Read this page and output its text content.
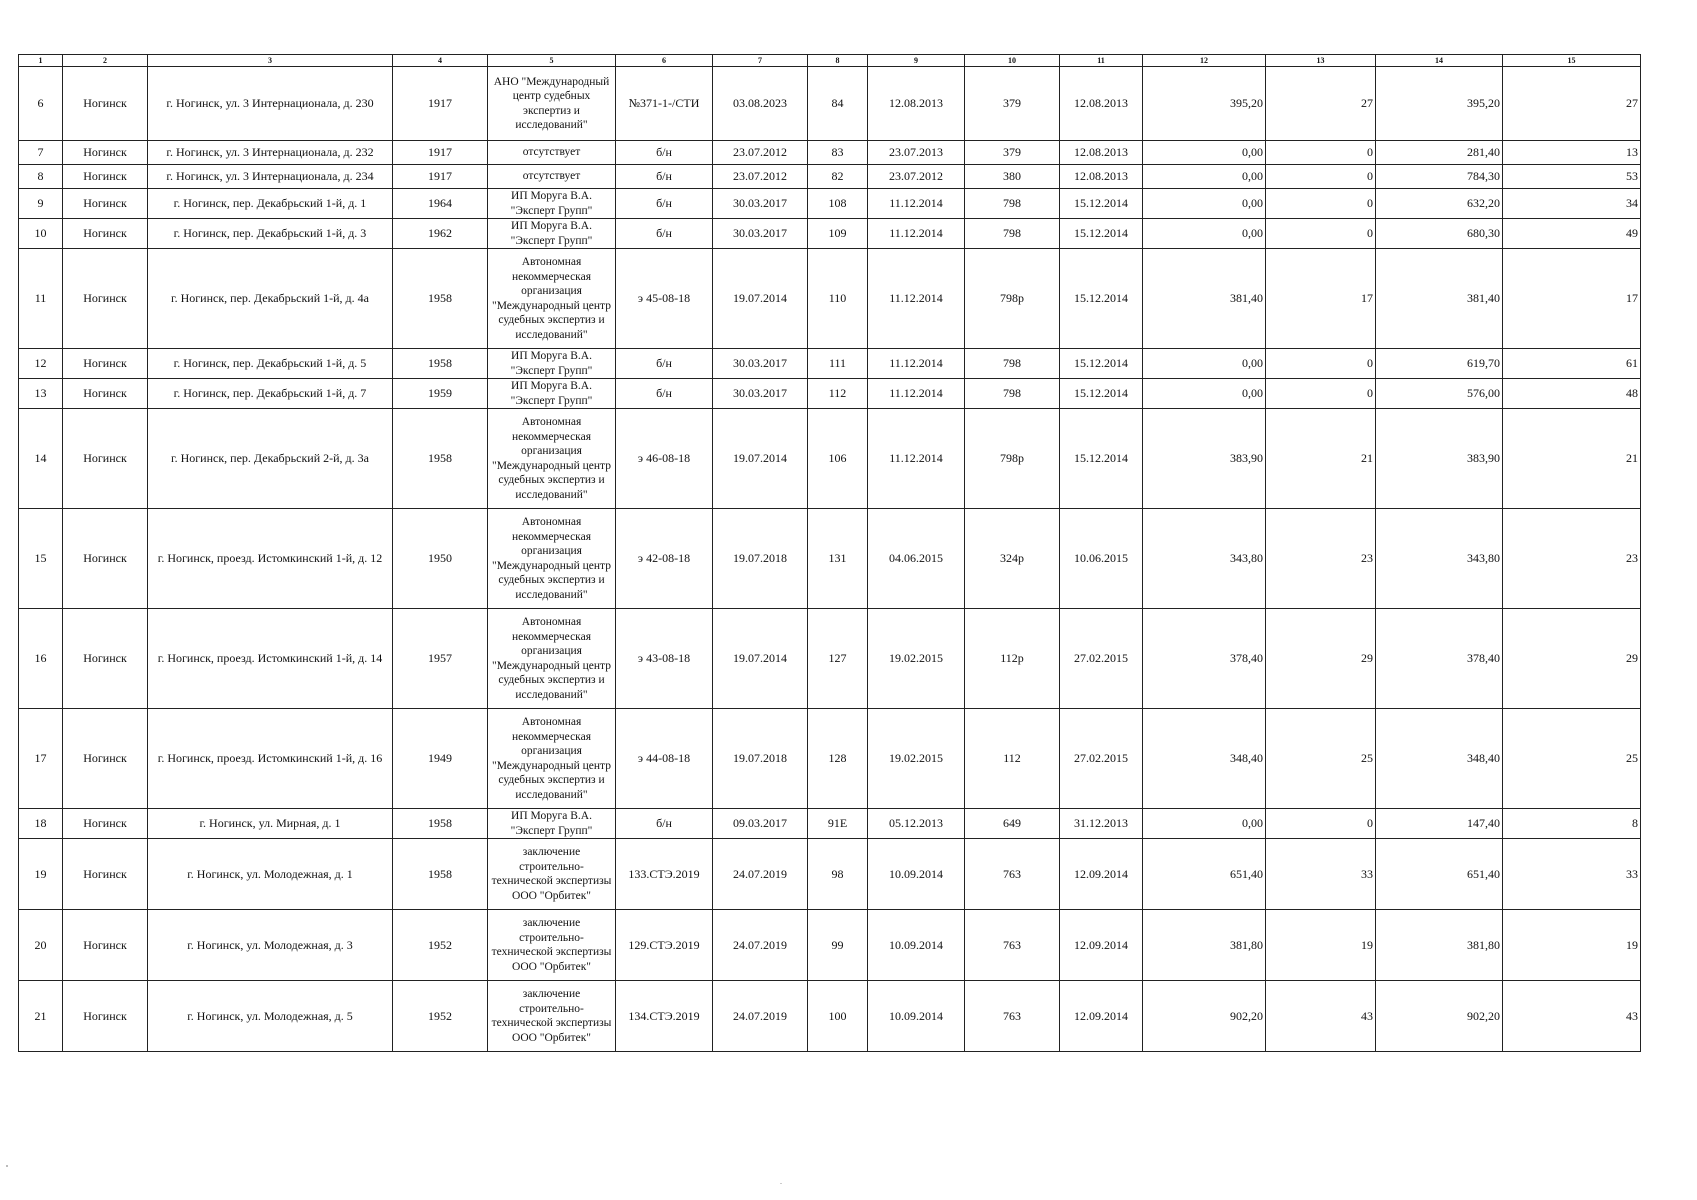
1	2	3	4	5	6	7	8	9	10	11	12	13	14	15
6	Ногинск	г. Ногинск, ул. 3 Интернационала, д. 230	1917	АНО "Международный центр судебных экспертиз и исследований"	№371-1-/СТИ	03.08.2023	84	12.08.2013	379	12.08.2013	395,20	27	395,20	27
7	Ногинск	г. Ногинск, ул. 3 Интернационала, д. 232	1917	отсутствует	б/н	23.07.2012	83	23.07.2013	379	12.08.2013	0,00	0	281,40	13
8	Ногинск	г. Ногинск, ул. 3 Интернационала, д. 234	1917	отсутствует	б/н	23.07.2012	82	23.07.2012	380	12.08.2013	0,00	0	784,30	53
9	Ногинск	г. Ногинск, пер. Декабрьский 1-й, д. 1	1964	ИП Моруга В.А. "Эксперт Групп"	б/н	30.03.2017	108	11.12.2014	798	15.12.2014	0,00	0	632,20	34
10	Ногинск	г. Ногинск, пер. Декабрьский 1-й, д. 3	1962	ИП Моруга В.А. "Эксперт Групп"	б/н	30.03.2017	109	11.12.2014	798	15.12.2014	0,00	0	680,30	49
11	Ногинск	г. Ногинск, пер. Декабрьский 1-й, д. 4а	1958	Автономная некоммерческая организация "Международный центр судебных экспертиз и исследований"	э 45-08-18	19.07.2014	110	11.12.2014	798р	15.12.2014	381,40	17	381,40	17
12	Ногинск	г. Ногинск, пер. Декабрьский 1-й, д. 5	1958	ИП Моруга В.А. "Эксперт Групп"	б/н	30.03.2017	111	11.12.2014	798	15.12.2014	0,00	0	619,70	61
13	Ногинск	г. Ногинск, пер. Декабрьский 1-й, д. 7	1959	ИП Моруга В.А. "Эксперт Групп"	б/н	30.03.2017	112	11.12.2014	798	15.12.2014	0,00	0	576,00	48
14	Ногинск	г. Ногинск, пер. Декабрьский 2-й, д. 3а	1958	Автономная некоммерческая организация "Международный центр судебных экспертиз и исследований"	э 46-08-18	19.07.2014	106	11.12.2014	798р	15.12.2014	383,90	21	383,90	21
15	Ногинск	г. Ногинск, проезд. Истомкинский 1-й, д. 12	1950	Автономная некоммерческая организация "Международный центр судебных экспертиз и исследований"	э 42-08-18	19.07.2018	131	04.06.2015	324р	10.06.2015	343,80	23	343,80	23
16	Ногинск	г. Ногинск, проезд. Истомкинский 1-й, д. 14	1957	Автономная некоммерческая организация "Международный центр судебных экспертиз и исследований"	э 43-08-18	19.07.2014	127	19.02.2015	112р	27.02.2015	378,40	29	378,40	29
17	Ногинск	г. Ногинск, проезд. Истомкинский 1-й, д. 16	1949	Автономная некоммерческая организация "Международный центр судебных экспертиз и исследований"	э 44-08-18	19.07.2018	128	19.02.2015	112	27.02.2015	348,40	25	348,40	25
18	Ногинск	г. Ногинск, ул. Мирная, д. 1	1958	ИП Моруга В.А. "Эксперт Групп"	б/н	09.03.2017	91Е	05.12.2013	649	31.12.2013	0,00	0	147,40	8
19	Ногинск	г. Ногинск, ул. Молодежная, д. 1	1958	заключение строительно-технической экспертизы ООО "Орбитек"	133.СТЭ.2019	24.07.2019	98	10.09.2014	763	12.09.2014	651,40	33	651,40	33
20	Ногинск	г. Ногинск, ул. Молодежная, д. 3	1952	заключение строительно-технической экспертизы ООО "Орбитек"	129.СТЭ.2019	24.07.2019	99	10.09.2014	763	12.09.2014	381,80	19	381,80	19
21	Ногинск	г. Ногинск, ул. Молодежная, д. 5	1952	заключение строительно-технической экспертизы ООО "Орбитек"	134.СТЭ.2019	24.07.2019	100	10.09.2014	763	12.09.2014	902,20	43	902,20	43
